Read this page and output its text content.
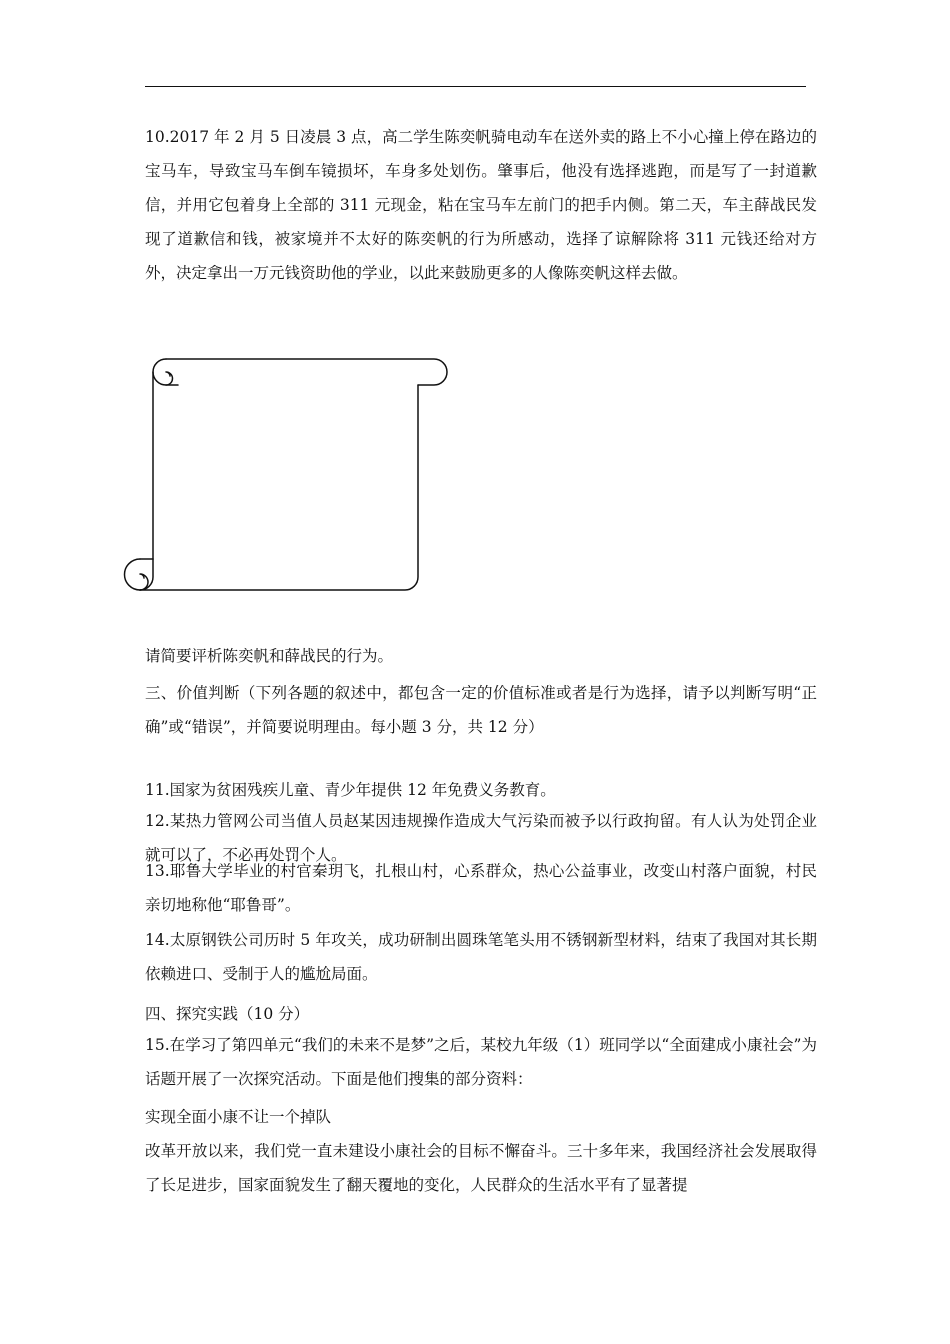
10.2017 年 2 月 5 日凌晨 3 点，高二学生陈奕帆骑电动车在送外卖的路上不小心撞上停在路边的宝马车，导致宝马车倒车镜损坏，车身多处划伤。肇事后，他没有选择逃跑，而是写了一封道歉信，并用它包着身上全部的 311 元现金，粘在宝马车左前门的把手内侧。第二天，车主薛战民发现了道歉信和钱，被家境并不太好的陈奕帆的行为所感动，选择了谅解除将 311 元钱还给对方外，决定拿出一万元钱资助他的学业，以此来鼓励更多的人像陈奕帆这样去做。

请简要评析陈奕帆和薛战民的行为。

三、价值判断（下列各题的叙述中，都包含一定的价值标准或者是行为选择，请予以判断写明“正确”或“错误”，并简要说明理由。每小题 3 分，共 12 分）

11.国家为贫困残疾儿童、青少年提供 12 年免费义务教育。

12.某热力管网公司当值人员赵某因违规操作造成大气污染而被予以行政拘留。有人认为处罚企业就可以了，不必再处罚个人。

13.耶鲁大学毕业的村官秦玥飞，扎根山村，心系群众，热心公益事业，改变山村落户面貌，村民亲切地称他“耶鲁哥”。

14.太原钢铁公司历时 5 年攻关，成功研制出圆珠笔笔头用不锈钢新型材料，结束了我国对其长期依赖进口、受制于人的尴尬局面。

四、探究实践（10 分）

15.在学习了第四单元“我们的未来不是梦”之后，某校九年级（1）班同学以“全面建成小康社会”为话题开展了一次探究活动。下面是他们搜集的部分资料：

实现全面小康不让一个掉队

改革开放以来，我们党一直未建设小康社会的目标不懈奋斗。三十多年来，我国经济社会发展取得了长足进步，国家面貌发生了翻天覆地的变化，人民群众的生活水平有了显著提
